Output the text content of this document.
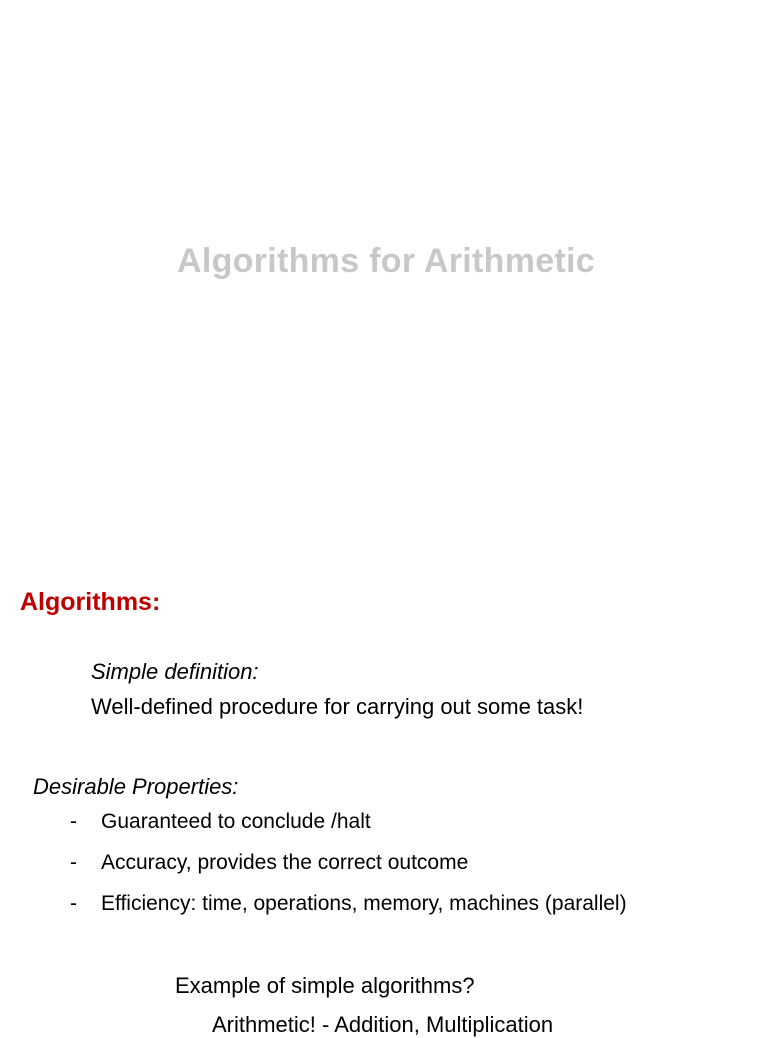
Algorithms for Arithmetic
Algorithms:
Simple definition:
Well-defined procedure for carrying out some task!
Desirable Properties:
- Guaranteed to conclude /halt
- Accuracy, provides the correct outcome
- Efficiency: time, operations, memory, machines (parallel)
Example of simple algorithms?
Arithmetic! - Addition, Multiplication
